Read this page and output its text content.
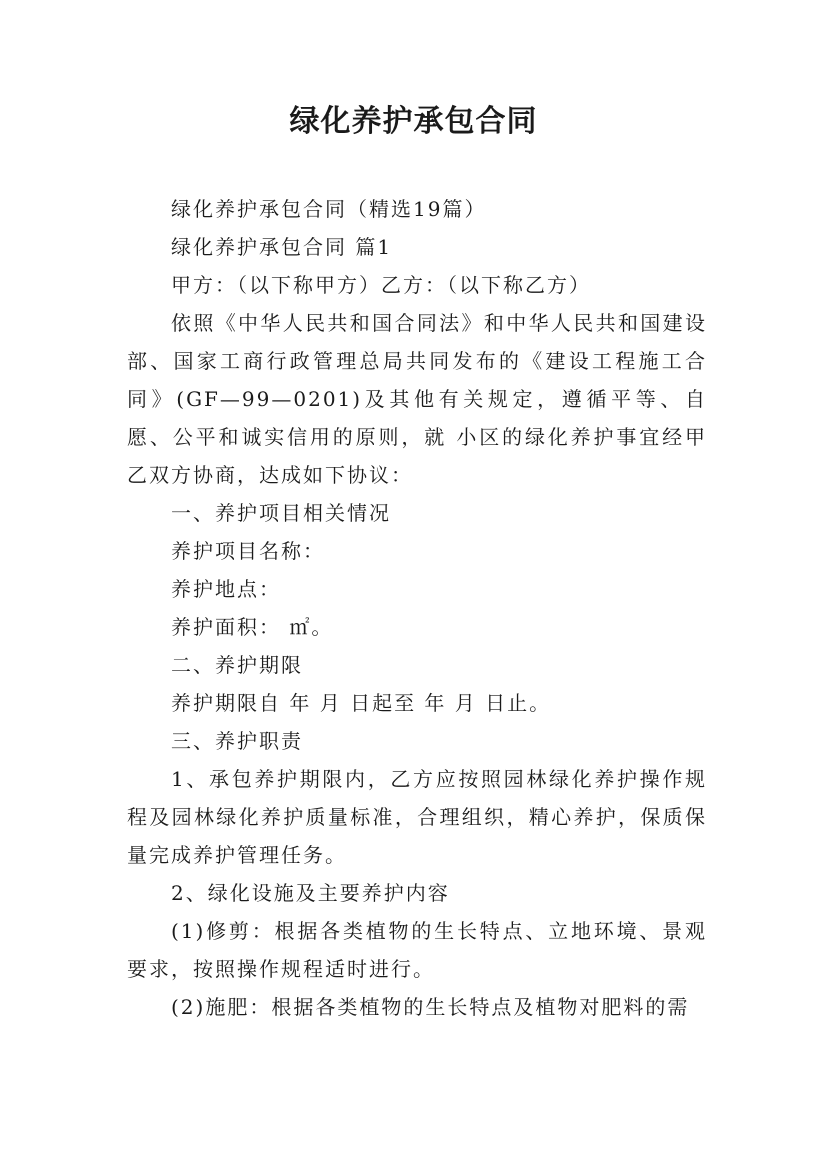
绿化养护承包合同

绿化养护承包合同（精选19篇）

绿化养护承包合同 篇1

甲方：（以下称甲方）乙方：（以下称乙方）

依照《中华人民共和国合同法》和中华人民共和国建设部、国家工商行政管理总局共同发布的《建设工程施工合同》(GF—99—0201)及其他有关规定，遵循平等、自愿、公平和诚实信用的原则，就 小区的绿化养护事宜经甲乙双方协商，达成如下协议：

一、养护项目相关情况

养护项目名称：

养护地点：

养护面积： ㎡。

二、养护期限

养护期限自 年 月 日起至 年 月 日止。

三、养护职责

1、承包养护期限内，乙方应按照园林绿化养护操作规程及园林绿化养护质量标准，合理组织，精心养护，保质保量完成养护管理任务。

2、绿化设施及主要养护内容

(1)修剪：根据各类植物的生长特点、立地环境、景观要求，按照操作规程适时进行。

(2)施肥：根据各类植物的生长特点及植物对肥料的需
